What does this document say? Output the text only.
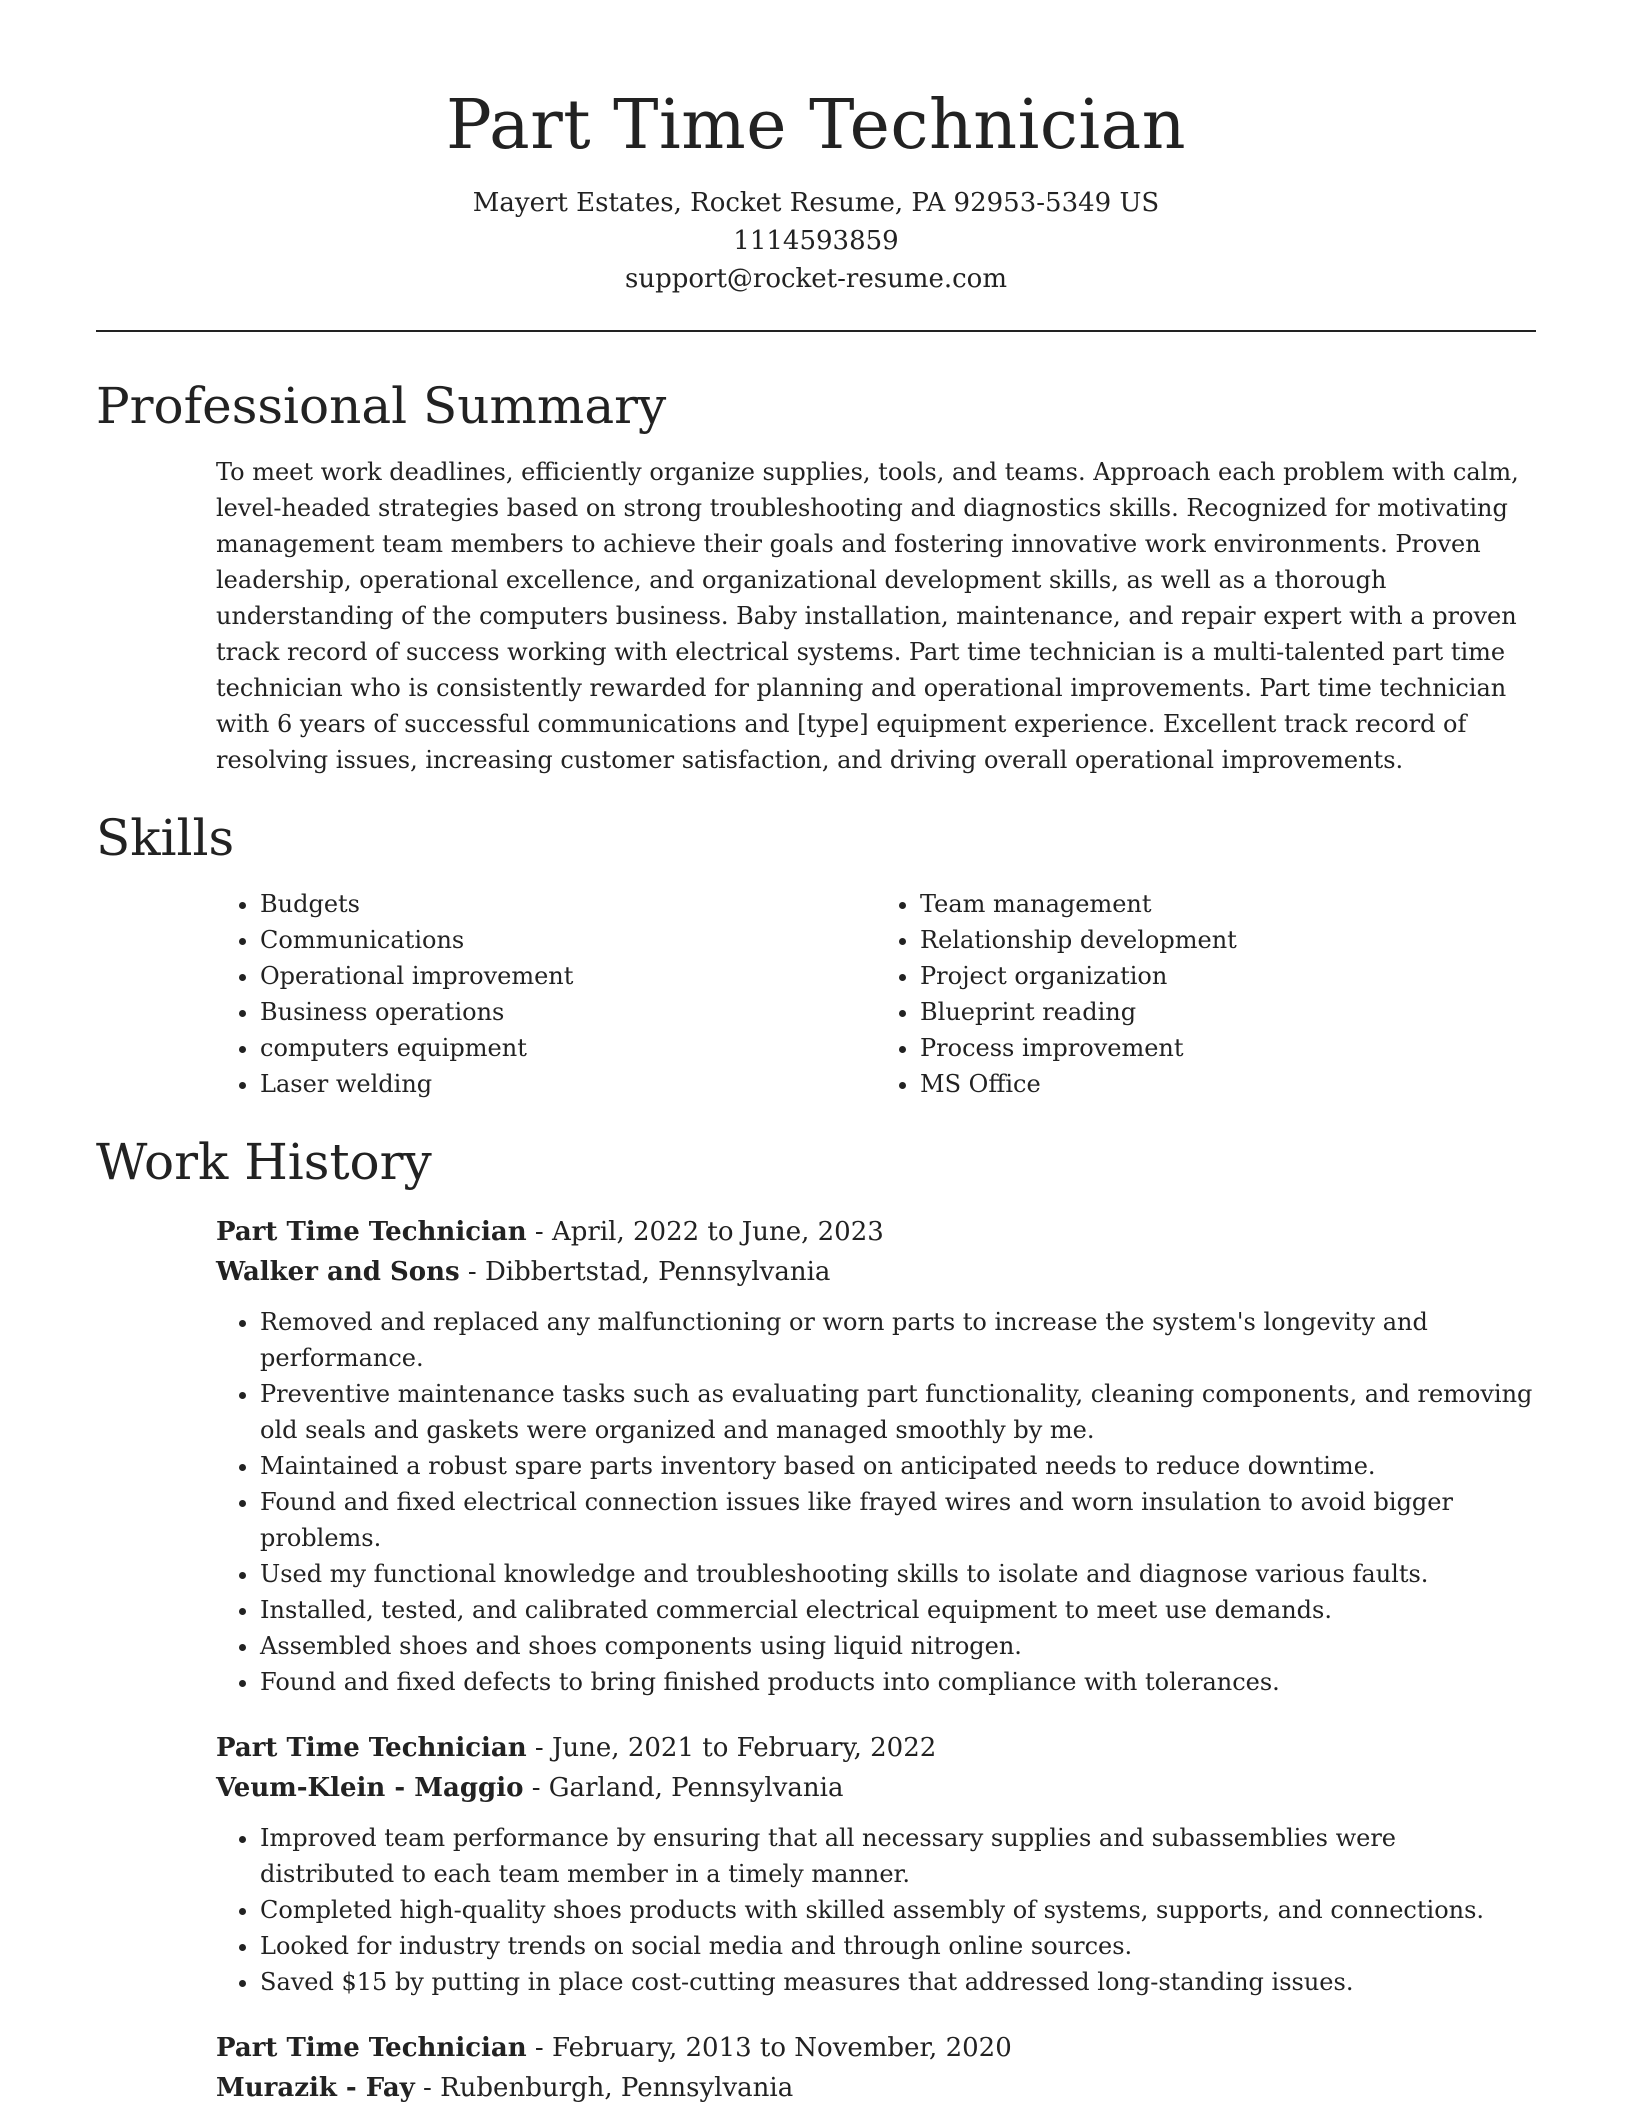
Part Time Technician
Mayert Estates, Rocket Resume, PA 92953-5349 US
1114593859
support@rocket-resume.com
Professional Summary
To meet work deadlines, efficiently organize supplies, tools, and teams. Approach each problem with calm, level-headed strategies based on strong troubleshooting and diagnostics skills. Recognized for motivating management team members to achieve their goals and fostering innovative work environments. Proven leadership, operational excellence, and organizational development skills, as well as a thorough understanding of the computers business. Baby installation, maintenance, and repair expert with a proven track record of success working with electrical systems. Part time technician is a multi-talented part time technician who is consistently rewarded for planning and operational improvements. Part time technician with 6 years of successful communications and [type] equipment experience. Excellent track record of resolving issues, increasing customer satisfaction, and driving overall operational improvements.
Skills
• Budgets
• Communications
• Operational improvement
• Business operations
• computers equipment
• Laser welding
• Team management
• Relationship development
• Project organization
• Blueprint reading
• Process improvement
• MS Office
Work History
Part Time Technician - April, 2022 to June, 2023
Walker and Sons - Dibbertstad, Pennsylvania
• Removed and replaced any malfunctioning or worn parts to increase the system's longevity and performance.
• Preventive maintenance tasks such as evaluating part functionality, cleaning components, and removing old seals and gaskets were organized and managed smoothly by me.
• Maintained a robust spare parts inventory based on anticipated needs to reduce downtime.
• Found and fixed electrical connection issues like frayed wires and worn insulation to avoid bigger problems.
• Used my functional knowledge and troubleshooting skills to isolate and diagnose various faults.
• Installed, tested, and calibrated commercial electrical equipment to meet use demands.
• Assembled shoes and shoes components using liquid nitrogen.
• Found and fixed defects to bring finished products into compliance with tolerances.
Part Time Technician - June, 2021 to February, 2022
Veum-Klein - Maggio - Garland, Pennsylvania
• Improved team performance by ensuring that all necessary supplies and subassemblies were distributed to each team member in a timely manner.
• Completed high-quality shoes products with skilled assembly of systems, supports, and connections.
• Looked for industry trends on social media and through online sources.
• Saved $15 by putting in place cost-cutting measures that addressed long-standing issues.
Part Time Technician - February, 2013 to November, 2020
Murazik - Fay - Rubenburgh, Pennsylvania
